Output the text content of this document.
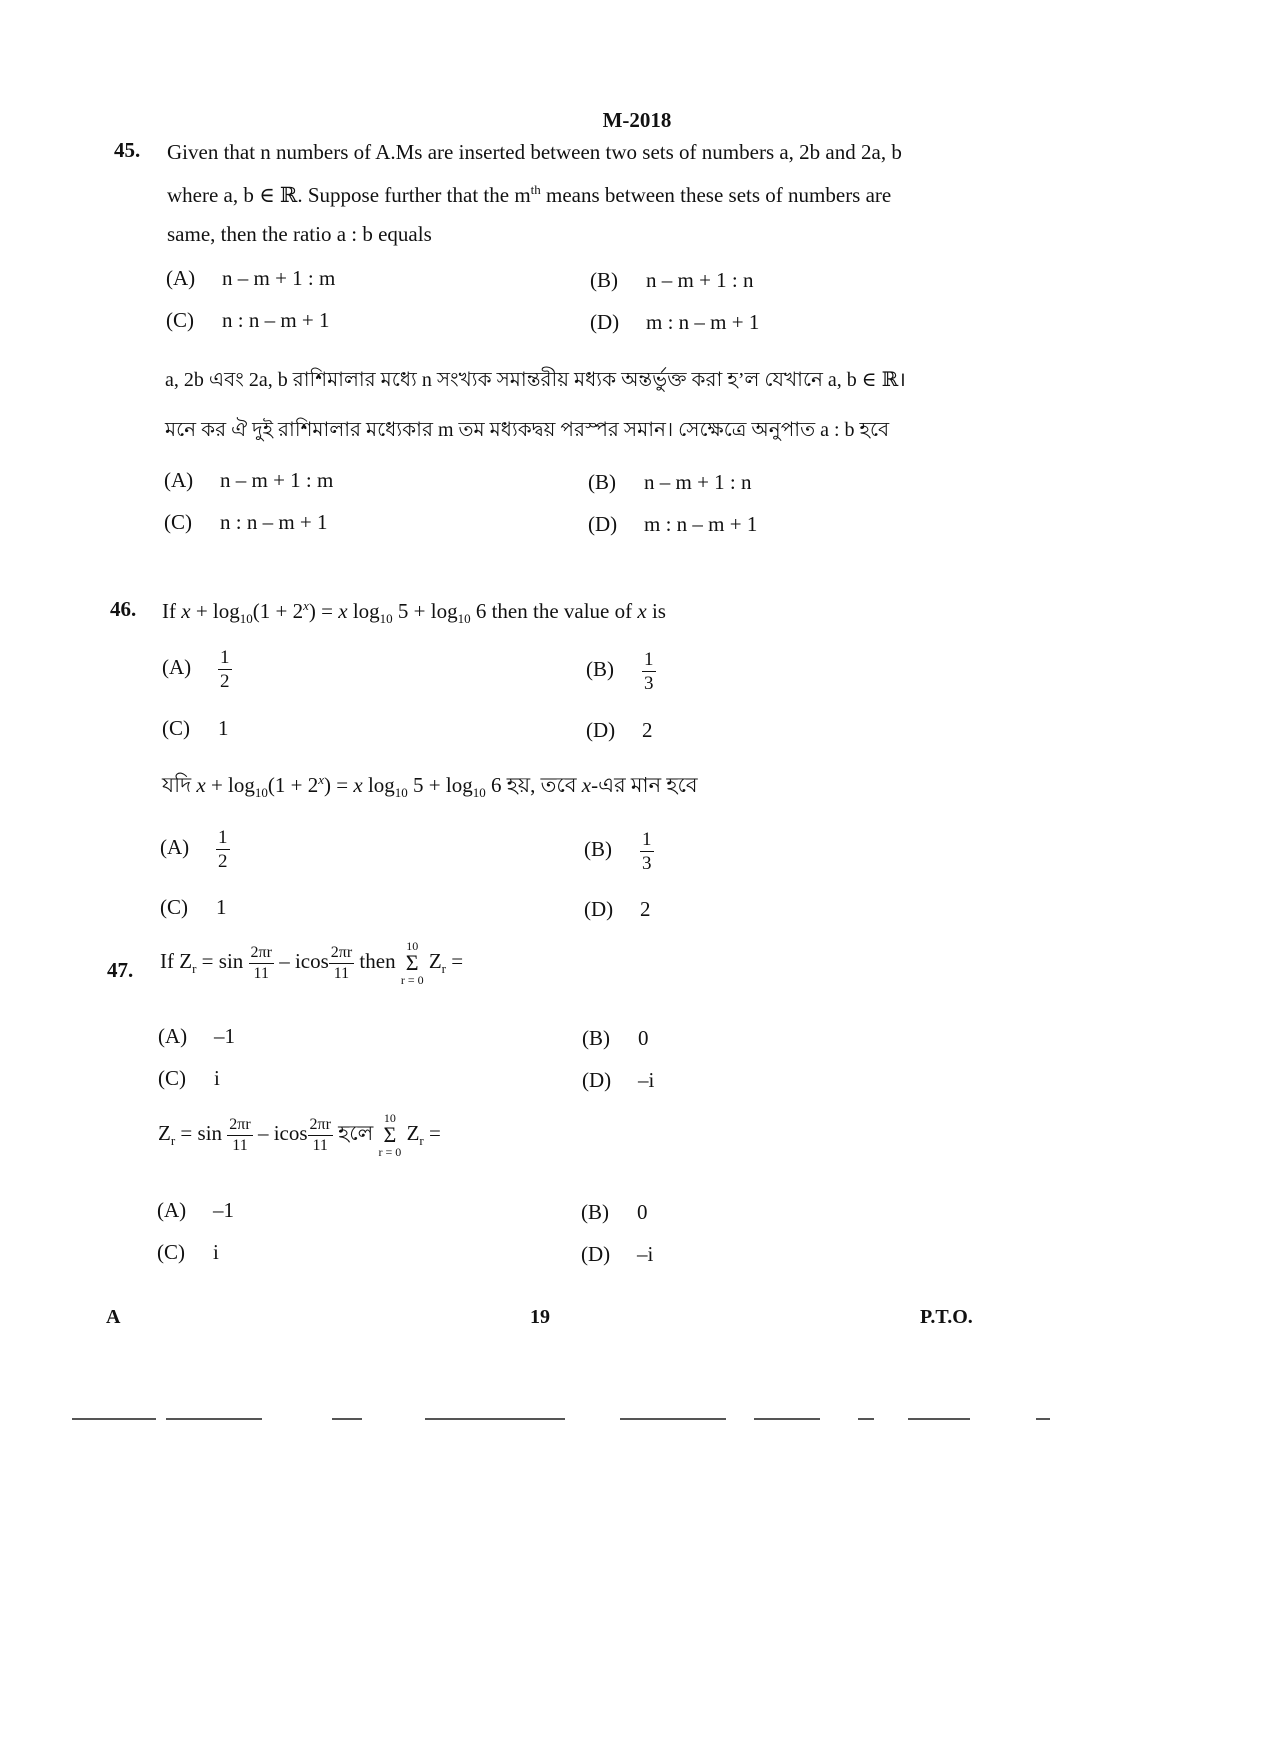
M-2018
45. Given that n numbers of A.Ms are inserted between two sets of numbers a, 2b and 2a, b
where a, b ∈ ℝ. Suppose further that the $m^{th}$ means between these sets of numbers are
same, then the ratio a : b equals
(A) n – m + 1 : m	(B) n – m + 1 : n
(C) n : n – m + 1	(D) m : n – m + 1
a, 2b এবং 2a, b রাশিমালার মধ্যে n সংখ্যক সমান্তরীয় মধ্যক অন্তর্ভুক্ত করা হ’ল যেখানে a, b ∈ ℝ।
মনে কর ঐ দুই রাশিমালার মধ্যেকার m তম মধ্যকদ্বয় পরস্পর সমান। সেক্ষেত্রে অনুপাত a : b হবে
(A) n – m + 1 : m	(B) n – m + 1 : n
(C) n : n – m + 1	(D) m : n – m + 1
46. If $x + \log_{10}(1 + 2^x) = x$ $\log_{10} 5 + \log_{10} 6$ then the value of x is
$(A) \frac{1}{2}$	$(B) \frac{1}{3}$
(C) 1	(D) 2
যদি $x + \log_{10}(1 + 2^x) = x$ $\log_{10} 5 + \log_{10} 6$ হয়, তবে x-এর মান হবে
$(A) \frac{1}{2}$	$(B) \frac{1}{3}$
(C) 1	(D) 2
47. If $Z_r = \sin \frac{2\pi r}{11} - icos \frac{2\pi r}{11}$ then
10
Σ
r = 0
$Z_r$ =
(A) –1	(B) 0
(C) i	(D) –i
$Z_r = \sin \frac{2\pi r}{11} - icos \frac{2\pi r}{11}$ হলে
10
Σ
r = 0
$Z_r$ =
(A) –1	(B) 0
(C) i	(D) –i
A	19	P.T.O.
